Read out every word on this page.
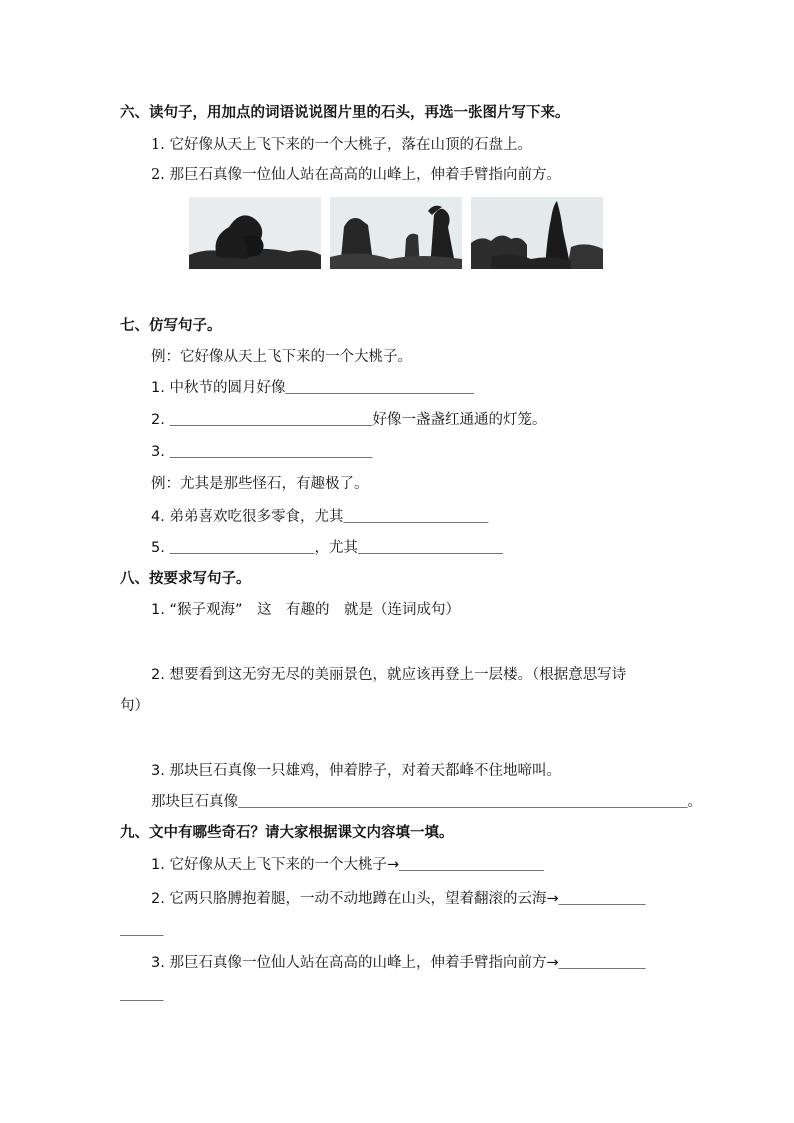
六、读句子，用加点的词语说说图片里的石头，再选一张图片写下来。
1. 它好像从天上飞下来的一个大桃子，落在山顶的石盘上。
2. 那巨石真像一位仙人站在高高的山峰上，伸着手臂指向前方。
七、仿写句子。
例：它好像从天上飞下来的一个大桃子。
1. 中秋节的圆月好像＿＿＿＿＿＿＿＿＿＿＿＿＿
2. ＿＿＿＿＿＿＿＿＿＿＿＿＿＿好像一盏盏红通通的灯笼。
3. ＿＿＿＿＿＿＿＿＿＿＿＿＿＿
例：尤其是那些怪石，有趣极了。
4. 弟弟喜欢吃很多零食，尤其＿＿＿＿＿＿＿＿＿＿
5. ＿＿＿＿＿＿＿＿＿＿，尤其＿＿＿＿＿＿＿＿＿＿
八、按要求写句子。
1. “猴子观海”　这　有趣的　就是（连词成句）
2. 想要看到这无穷无尽的美丽景色，就应该再登上一层楼。（根据意思写诗
句）
3. 那块巨石真像一只雄鸡，伸着脖子，对着天都峰不住地啼叫。
那块巨石真像＿＿＿＿＿＿＿＿＿＿＿＿＿＿＿＿＿＿＿＿＿＿＿＿＿＿＿＿＿＿＿。
九、文中有哪些奇石？请大家根据课文内容填一填。
1. 它好像从天上飞下来的一个大桃子→＿＿＿＿＿＿＿＿＿＿
2. 它两只胳膊抱着腿，一动不动地蹲在山头，望着翻滚的云海→＿＿＿＿＿＿
＿＿＿
3. 那巨石真像一位仙人站在高高的山峰上，伸着手臂指向前方→＿＿＿＿＿＿
＿＿＿
